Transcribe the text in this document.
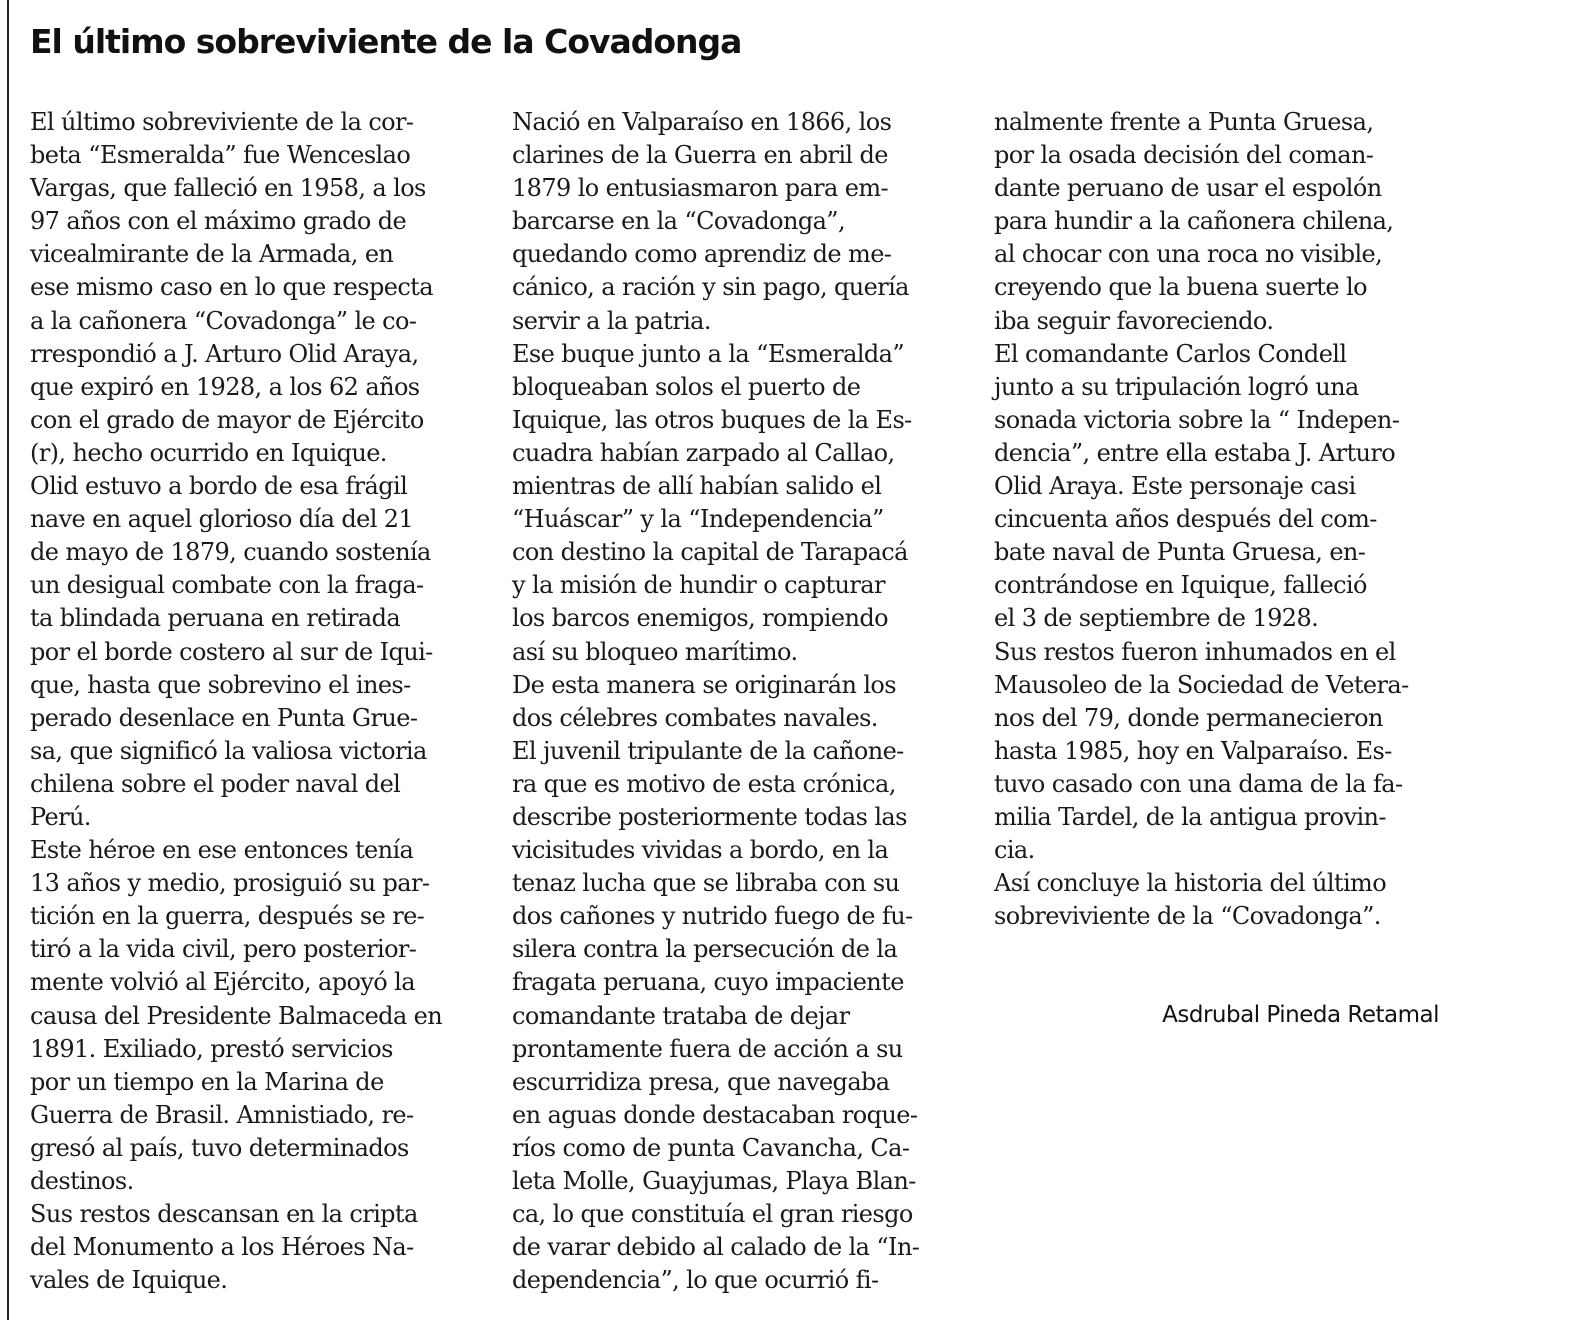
El último sobreviviente de la Covadonga
El último sobreviviente de la cor-
beta “Esmeralda” fue Wenceslao
Vargas, que falleció en 1958, a los
97 años con el máximo grado de
vicealmirante de la Armada, en
ese mismo caso en lo que respecta
a la cañonera “Covadonga” le co-
rrespondió a J. Arturo Olid Araya,
que expiró en 1928, a los 62 años
con el grado de mayor de Ejército
(r), hecho ocurrido en Iquique.
Olid estuvo a bordo de esa frágil
nave en aquel glorioso día del 21
de mayo de 1879, cuando sostenía
un desigual combate con la fraga-
ta blindada peruana en retirada
por el borde costero al sur de Iqui-
que, hasta que sobrevino el ines-
perado desenlace en Punta Grue-
sa, que significó la valiosa victoria
chilena sobre el poder naval del
Perú.
Este héroe en ese entonces tenía
13 años y medio, prosiguió su par-
tición en la guerra, después se re-
tiró a la vida civil, pero posterior-
mente volvió al Ejército, apoyó la
causa del Presidente Balmaceda en
1891. Exiliado, prestó servicios
por un tiempo en la Marina de
Guerra de Brasil. Amnistiado, re-
gresó al país, tuvo determinados
destinos.
Sus restos descansan en la cripta
del Monumento a los Héroes Na-
vales de Iquique.
Nació en Valparaíso en 1866, los
clarines de la Guerra en abril de
1879 lo entusiasmaron para em-
barcarse en la “Covadonga”,
quedando como aprendiz de me-
cánico, a ración y sin pago, quería
servir a la patria.
Ese buque junto a la “Esmeralda”
bloqueaban solos el puerto de
Iquique, las otros buques de la Es-
cuadra habían zarpado al Callao,
mientras de allí habían salido el
“Huáscar” y la “Independencia”
con destino la capital de Tarapacá
y la misión de hundir o capturar
los barcos enemigos, rompiendo
así su bloqueo marítimo.
De esta manera se originarán los
dos célebres combates navales.
El juvenil tripulante de la cañone-
ra que es motivo de esta crónica,
describe posteriormente todas las
vicisitudes vividas a bordo, en la
tenaz lucha que se libraba con su
dos cañones y nutrido fuego de fu-
silera contra la persecución de la
fragata peruana, cuyo impaciente
comandante trataba de dejar
prontamente fuera de acción a su
escurridiza presa, que navegaba
en aguas donde destacaban roque-
ríos como de punta Cavancha, Ca-
leta Molle, Guayjumas, Playa Blan-
ca, lo que constituía el gran riesgo
de varar debido al calado de la “In-
dependencia”, lo que ocurrió fi-
nalmente frente a Punta Gruesa,
por la osada decisión del coman-
dante peruano de usar el espolón
para hundir a la cañonera chilena,
al chocar con una roca no visible,
creyendo que la buena suerte lo
iba seguir favoreciendo.
El comandante Carlos Condell
junto a su tripulación logró una
sonada victoria sobre la “ Indepen-
dencia”, entre ella estaba J. Arturo
Olid Araya. Este personaje casi
cincuenta años después del com-
bate naval de Punta Gruesa, en-
contrándose en Iquique, falleció
el 3 de septiembre de 1928.
Sus restos fueron inhumados en el
Mausoleo de la Sociedad de Vetera-
nos del 79, donde permanecieron
hasta 1985, hoy en Valparaíso. Es-
tuvo casado con una dama de la fa-
milia Tardel, de la antigua provin-
cia.
Así concluye la historia del último
sobreviviente de la “Covadonga”.
Asdrubal Pineda Retamal
